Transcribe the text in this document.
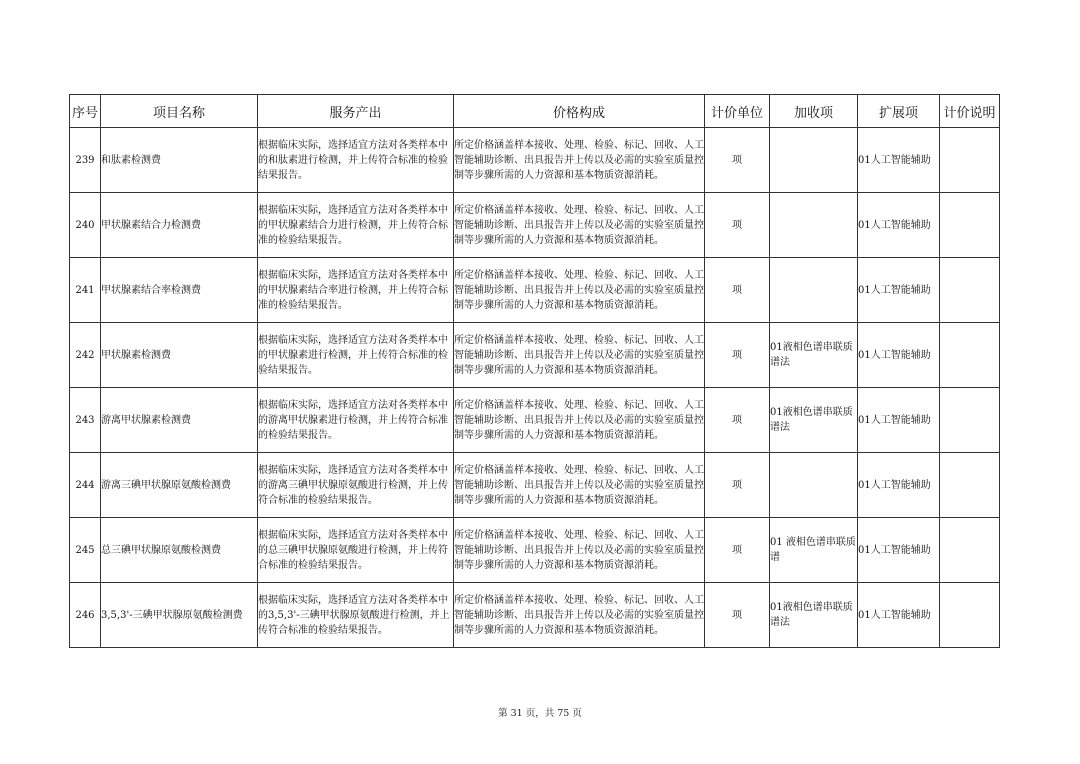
序号	项目名称	服务产出	价格构成	计价单位	加收项	扩展项	计价说明
239	和肽素检测费	根据临床实际，选择适宜方法对各类样本中的和肽素进行检测，并上传符合标准的检验结果报告。	所定价格涵盖样本接收、处理、检验、标记、回收、人工智能辅助诊断、出具报告并上传以及必需的实验室质量控制等步骤所需的人力资源和基本物质资源消耗。	项		01人工智能辅助	
240	甲状腺素结合力检测费	根据临床实际，选择适宜方法对各类样本中的甲状腺素结合力进行检测，并上传符合标准的检验结果报告。	所定价格涵盖样本接收、处理、检验、标记、回收、人工智能辅助诊断、出具报告并上传以及必需的实验室质量控制等步骤所需的人力资源和基本物质资源消耗。	项		01人工智能辅助	
241	甲状腺素结合率检测费	根据临床实际，选择适宜方法对各类样本中的甲状腺素结合率进行检测，并上传符合标准的检验结果报告。	所定价格涵盖样本接收、处理、检验、标记、回收、人工智能辅助诊断、出具报告并上传以及必需的实验室质量控制等步骤所需的人力资源和基本物质资源消耗。	项		01人工智能辅助	
242	甲状腺素检测费	根据临床实际，选择适宜方法对各类样本中的甲状腺素进行检测，并上传符合标准的检验结果报告。	所定价格涵盖样本接收、处理、检验、标记、回收、人工智能辅助诊断、出具报告并上传以及必需的实验室质量控制等步骤所需的人力资源和基本物质资源消耗。	项	01液相色谱串联质谱法	01人工智能辅助	
243	游离甲状腺素检测费	根据临床实际，选择适宜方法对各类样本中的游离甲状腺素进行检测，并上传符合标准的检验结果报告。	所定价格涵盖样本接收、处理、检验、标记、回收、人工智能辅助诊断、出具报告并上传以及必需的实验室质量控制等步骤所需的人力资源和基本物质资源消耗。	项	01液相色谱串联质谱法	01人工智能辅助	
244	游离三碘甲状腺原氨酸检测费	根据临床实际，选择适宜方法对各类样本中的游离三碘甲状腺原氨酸进行检测，并上传符合标准的检验结果报告。	所定价格涵盖样本接收、处理、检验、标记、回收、人工智能辅助诊断、出具报告并上传以及必需的实验室质量控制等步骤所需的人力资源和基本物质资源消耗。	项		01人工智能辅助	
245	总三碘甲状腺原氨酸检测费	根据临床实际，选择适宜方法对各类样本中的总三碘甲状腺原氨酸进行检测，并上传符合标准的检验结果报告。	所定价格涵盖样本接收、处理、检验、标记、回收、人工智能辅助诊断、出具报告并上传以及必需的实验室质量控制等步骤所需的人力资源和基本物质资源消耗。	项	01 液相色谱串联质谱	01人工智能辅助	
246	3,5,3'-三碘甲状腺原氨酸检测费	根据临床实际，选择适宜方法对各类样本中的3,5,3'-三碘甲状腺原氨酸进行检测，并上传符合标准的检验结果报告。	所定价格涵盖样本接收、处理、检验、标记、回收、人工智能辅助诊断、出具报告并上传以及必需的实验室质量控制等步骤所需的人力资源和基本物质资源消耗。	项	01液相色谱串联质谱法	01人工智能辅助	
第 31 页，共 75 页
